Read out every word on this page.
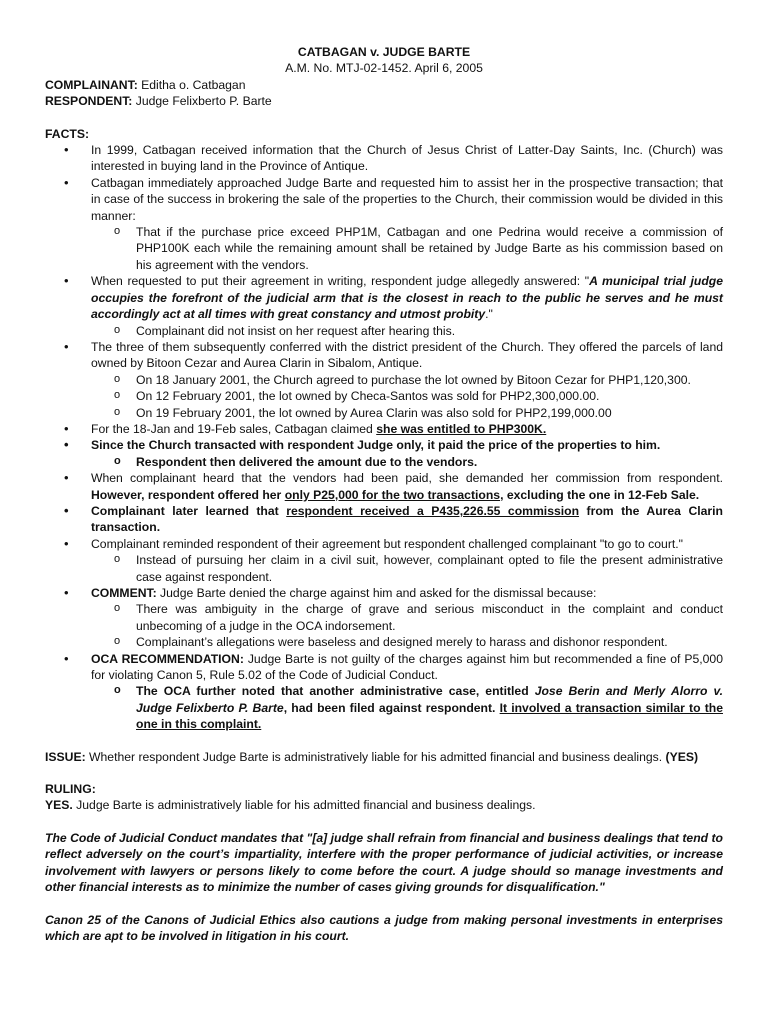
CATBAGAN v. JUDGE BARTE

A.M. No. MTJ-02-1452. April 6, 2005

COMPLAINANT: Editha o. Catbagan

RESPONDENT: Judge Felixberto P. Barte

FACTS:

• In 1999, Catbagan received information that the Church of Jesus Christ of Latter-Day Saints, Inc. (Church) was interested in buying land in the Province of Antique.
• Catbagan immediately approached Judge Barte and requested him to assist her in the prospective transaction; that in case of the success in brokering the sale of the properties to the Church, their commission would be divided in this manner:
o That if the purchase price exceed PHP1M, Catbagan and one Pedrina would receive a commission of PHP100K each while the remaining amount shall be retained by Judge Barte as his commission based on his agreement with the vendors.
• When requested to put their agreement in writing, respondent judge allegedly answered: "A municipal trial judge occupies the forefront of the judicial arm that is the closest in reach to the public he serves and he must accordingly act at all times with great constancy and utmost probity."
o Complainant did not insist on her request after hearing this.
• The three of them subsequently conferred with the district president of the Church. They offered the parcels of land owned by Bitoon Cezar and Aurea Clarin in Sibalom, Antique.
o On 18 January 2001, the Church agreed to purchase the lot owned by Bitoon Cezar for PHP1,120,300.
o On 12 February 2001, the lot owned by Checa-Santos was sold for PHP2,300,000.00.
o On 19 February 2001, the lot owned by Aurea Clarin was also sold for PHP2,199,000.00
• For the 18-Jan and 19-Feb sales, Catbagan claimed she was entitled to PHP300K.
• Since the Church transacted with respondent Judge only, it paid the price of the properties to him.
o Respondent then delivered the amount due to the vendors.
• When complainant heard that the vendors had been paid, she demanded her commission from respondent. However, respondent offered her only P25,000 for the two transactions, excluding the one in 12-Feb Sale.
• Complainant later learned that respondent received a P435,226.55 commission from the Aurea Clarin transaction.
• Complainant reminded respondent of their agreement but respondent challenged complainant "to go to court."
o Instead of pursuing her claim in a civil suit, however, complainant opted to file the present administrative case against respondent.
• COMMENT: Judge Barte denied the charge against him and asked for the dismissal because:
o There was ambiguity in the charge of grave and serious misconduct in the complaint and conduct unbecoming of a judge in the OCA indorsement.
o Complainant’s allegations were baseless and designed merely to harass and dishonor respondent.
• OCA RECOMMENDATION: Judge Barte is not guilty of the charges against him but recommended a fine of P5,000 for violating Canon 5, Rule 5.02 of the Code of Judicial Conduct.
o The OCA further noted that another administrative case, entitled Jose Berin and Merly Alorro v. Judge Felixberto P. Barte, had been filed against respondent. It involved a transaction similar to the one in this complaint.

ISSUE: Whether respondent Judge Barte is administratively liable for his admitted financial and business dealings. (YES)

RULING:

YES. Judge Barte is administratively liable for his admitted financial and business dealings.

The Code of Judicial Conduct mandates that "[a] judge shall refrain from financial and business dealings that tend to reflect adversely on the court’s impartiality, interfere with the proper performance of judicial activities, or increase involvement with lawyers or persons likely to come before the court. A judge should so manage investments and other financial interests as to minimize the number of cases giving grounds for disqualification."

Canon 25 of the Canons of Judicial Ethics also cautions a judge from making personal investments in enterprises which are apt to be involved in litigation in his court.
